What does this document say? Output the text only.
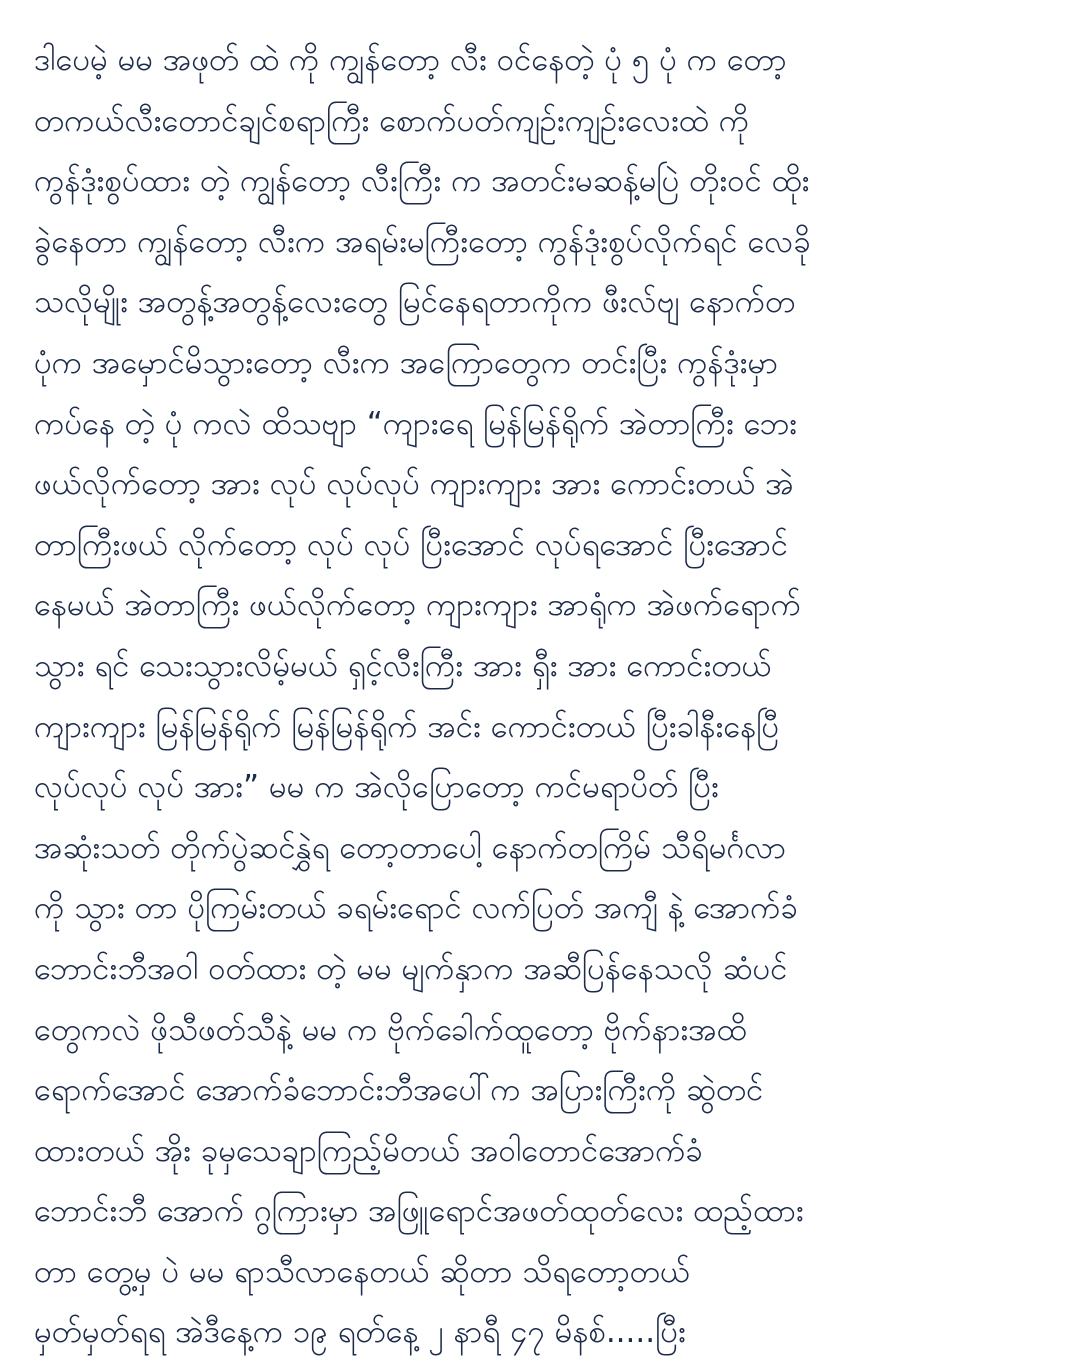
ဒါပေမဲ့ မမ အဖုတ် ထဲ ကို ကျွန်တော့ လီး ဝင်နေတဲ့ ပုံ ၅ ပုံ က တော့
တကယ်လီးတောင်ချင်စရာကြီး စောက်ပတ်ကျဉ်းကျဉ်းလေးထဲ ကို
ကွန်ဒုံးစွပ်ထား တဲ့ ကျွန်တော့ လီးကြီး က အတင်းမဆန့်မပြဲ တိုးဝင် ထိုး
ခွဲနေတာ ကျွန်တော့ လီးက အရမ်းမကြီးတော့ ကွန်ဒုံးစွပ်လိုက်ရင် လေခို
သလိုမျိုး အတွန့်အတွန့်လေးတွေ မြင်နေရတာကိုက ဖီးလ်ဗျ နောက်တ
ပုံက အမှောင်မိသွားတော့ လီးက အကြောတွေက တင်းပြီး ကွန်ဒုံးမှာ
ကပ်နေ တဲ့ ပုံ ကလဲ ထိသဗျာ “ကျားရေ မြန်မြန်ရိုက် အဲတာကြီး ဘေး
ဖယ်လိုက်တော့ အား လုပ် လုပ်လုပ် ကျားကျား အား ကောင်းတယ် အဲ
တာကြီးဖယ် လိုက်တော့ လုပ် လုပ် ပြီးအောင် လုပ်ရအောင် ပြီးအောင်
နေမယ် အဲတာကြီး ဖယ်လိုက်တော့ ကျားကျား အာရုံက အဲဖက်ရောက်
သွား ရင် သေးသွားလိမ့်မယ် ရှင့်လီးကြီး အား ရှီး အား ကောင်းတယ်
ကျားကျား မြန်မြန်ရိုက် မြန်မြန်ရိုက် အင်း ကောင်းတယ် ပြီးခါနီးနေပြီ
လုပ်လုပ် လုပ် အား” မမ က အဲလိုပြောတော့ ကင်မရာပိတ် ပြီး
အဆုံးသတ် တိုက်ပွဲဆင်နွှဲရ တော့တာပေါ့ နောက်တကြိမ် သီရိမင်္ဂလာ
ကို သွား တာ ပိုကြမ်းတယ် ခရမ်းရောင် လက်ပြတ် အကျီ နဲ့ အောက်ခံ
ဘောင်းဘီအဝါ ဝတ်ထား တဲ့ မမ မျက်နှာက အဆီပြန်နေသလို ဆံပင်
တွေကလဲ ဖိုသီဖတ်သီနဲ့ မမ က ဗိုက်ခေါက်ထူတော့ ဗိုက်နားအထိ
ရောက်အောင် အောက်ခံဘောင်းဘီအပေါ်က အပြားကြီးကို ဆွဲတင်
ထားတယ် အိုး ခုမှသေချာကြည့်မိတယ် အဝါတောင်အောက်ခံ
ဘောင်းဘီ အောက် ဂွကြားမှာ အဖြူရောင်အဖတ်ထုတ်လေး ထည့်ထား
တာ တွေ့မှ ပဲ မမ ရာသီလာနေတယ် ဆိုတာ သိရတော့တယ်
မှတ်မှတ်ရရ အဲဒီနေ့က ၁၉ ရတ်နေ့ ၂ နာရီ ၄၇ မိနစ်.....ပြီး
